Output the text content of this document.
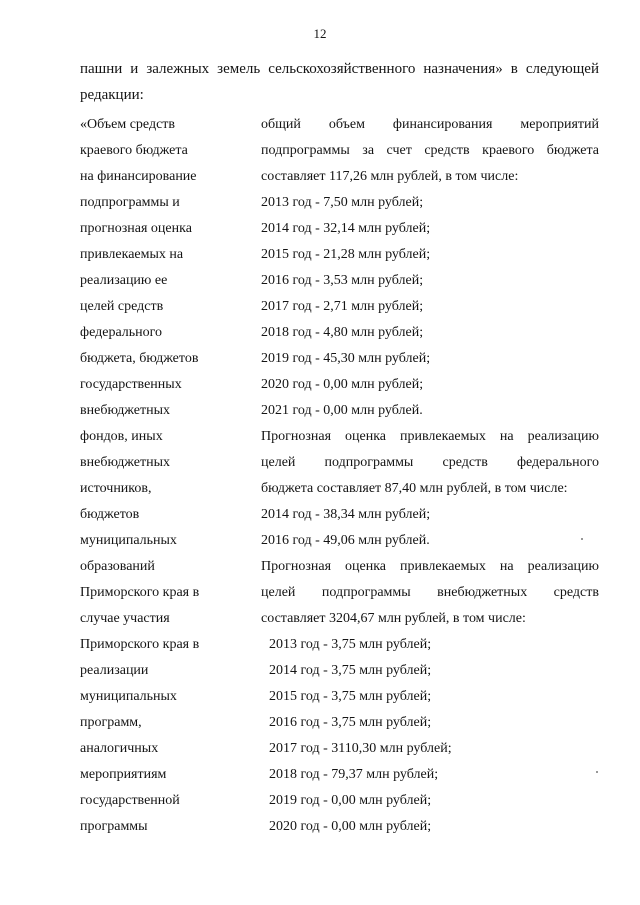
12
пашни и залежных земель сельскохозяйственного назначения» в следующей
редакции:
«Объем средств
краевого бюджета
на финансирование
подпрограммы и
прогнозная оценка
привлекаемых на
реализацию ее
целей средств
федерального
бюджета, бюджетов
государственных
внебюджетных
фондов, иных
внебюджетных
источников,
бюджетов
муниципальных
образований
Приморского края в
случае участия
Приморского края в
реализации
муниципальных
программ,
аналогичных
мероприятиям
государственной
программы
общий объем финансирования мероприятий
подпрограммы за счет средств краевого бюджета
составляет 117,26 млн рублей, в том числе:
2013 год - 7,50 млн рублей;
2014 год - 32,14 млн рублей;
2015 год - 21,28 млн рублей;
2016 год - 3,53 млн рублей;
2017 год - 2,71 млн рублей;
2018 год - 4,80 млн рублей;
2019 год - 45,30 млн рублей;
2020 год - 0,00 млн рублей;
2021 год - 0,00 млн рублей.
Прогнозная оценка привлекаемых на реализацию
целей подпрограммы средств федерального
бюджета составляет 87,40 млн рублей, в том числе:
2014 год - 38,34 млн рублей;
2016 год - 49,06 млн рублей.
Прогнозная оценка привлекаемых на реализацию
целей подпрограммы внебюджетных средств
составляет 3204,67 млн рублей, в том числе:
2013 год - 3,75 млн рублей;
2014 год - 3,75 млн рублей;
2015 год - 3,75 млн рублей;
2016 год - 3,75 млн рублей;
2017 год - 3110,30 млн рублей;
2018 год - 79,37 млн рублей;
2019 год - 0,00 млн рублей;
2020 год - 0,00 млн рублей;
